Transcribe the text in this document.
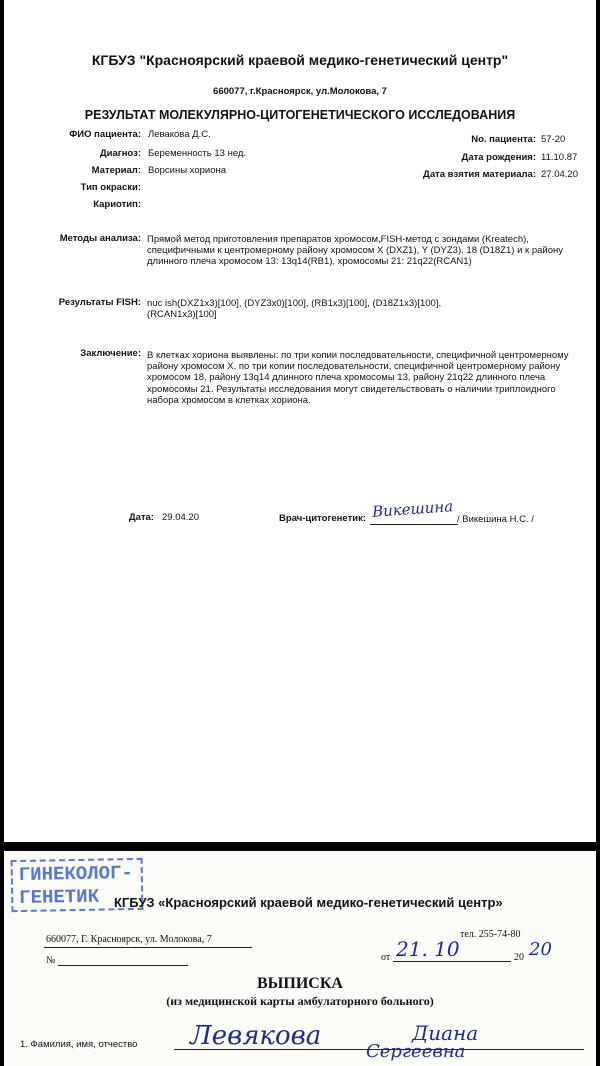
КГБУЗ "Красноярский краевой медико-генетический центр"
660077, г.Красноярск, ул.Молокова, 7
РЕЗУЛЬТАТ МОЛЕКУЛЯРНО-ЦИТОГЕНЕТИЧЕСКОГО ИССЛЕДОВАНИЯ
ФИО пациента: Левакова Д.С.
Диагноз: Беременность 13 нед.
Материал: Ворсины хориона
Тип окраски:
Кариотип:
No. пациента: 57-20
Дата рождения: 11.10.87
Дата взятия материала: 27.04.20
Методы анализа: Прямой метод приготовления препаратов хромосом,FISH-метод с зондами (Kreatech),
специфичными к центромерному району хромосом X (DXZ1), Y (DYZ3), 18 (D18Z1) и к району
длинного плеча хромосом 13: 13q14(RB1), хромосомы 21: 21q22(RCAN1)
Результаты FISH: nuc ish(DXZ1x3)[100], (DYZ3x0)[100], (RB1x3)[100], (D18Z1x3)[100],
(RCAN1x3)[100]
Заключение: В клетках хориона выявлены: по три копии последовательности, специфичной центромерному
району хромосом X, по три копии последовательности, специфичной центромерному району
хромосом 18, району 13q14 длинного плеча хромосомы 13, району 21q22 длинного плеча
хромосомы 21. Результаты исследования могут свидетельствовать о наличии триплоидного
набора хромосом в клетках хориона.
Дата: 29.04.20	Врач-цитогенетик: Викешина / Викешина Н.С. /
ГИНЕКОЛОГ-
ГЕНЕТИК	КГБУЗ «Красноярский краевой медико-генетический центр»
тел. 255-74-80
660077, Г. Красноярск, ул. Молокова, 7
№	от 21. 10	20 20
ВЫПИСКА
(из медицинской карты амбулаторного больного)
1. Фамилия, имя, отчество Левякова	Диана
Сергеевна
